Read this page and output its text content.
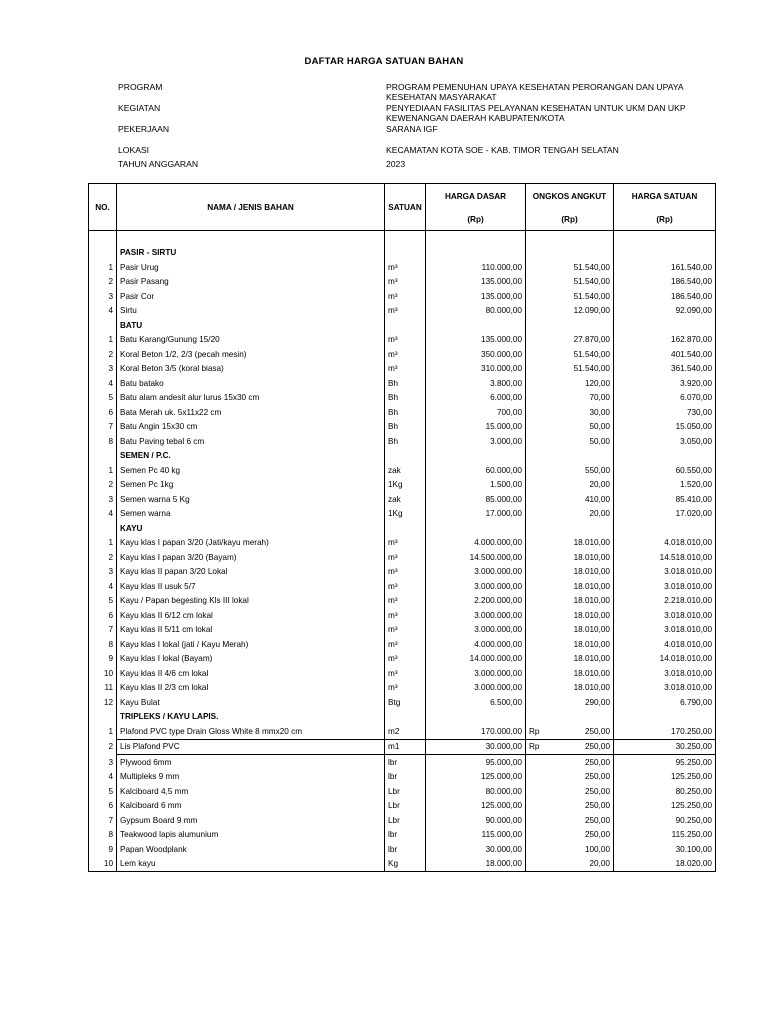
DAFTAR HARGA SATUAN BAHAN
PROGRAM	PROGRAM PEMENUHAN UPAYA KESEHATAN PERORANGAN DAN UPAYA KESEHATAN MASYARAKAT
KEGIATAN	PENYEDIAAN FASILITAS PELAYANAN KESEHATAN UNTUK UKM DAN UKP KEWENANGAN DAERAH KABUPATEN/KOTA
PEKERJAAN	SARANA IGF
LOKASI	KECAMATAN KOTA SOE - KAB. TIMOR TENGAH SELATAN
TAHUN ANGGARAN	2023
NO.	NAMA / JENIS BAHAN	SATUAN	HARGA DASAR	ONGKOS ANGKUT	HARGA SATUAN
			(Rp)	(Rp)	(Rp)

	PASIR - SIRTU				
1	Pasir Urug	m³	110.000,00	51.540,00	161.540,00
2	Pasir Pasang	m³	135.000,00	51.540,00	186.540,00
3	Pasir Cor	m³	135.000,00	51.540,00	186.540,00
4	Sirtu	m³	80.000,00	12.090,00	92.090,00
	BATU				
1	Batu Karang/Gunung 15/20	m³	135.000,00	27.870,00	162.870,00
2	Koral Beton 1/2, 2/3 (pecah mesin)	m³	350.000,00	51.540,00	401.540,00
3	Koral Beton 3/5 (koral biasa)	m³	310.000,00	51.540,00	361.540,00
4	Batu batako	Bh	3.800,00	120,00	3.920,00
5	Batu alam andesit alur lurus 15x30 cm	Bh	6.000,00	70,00	6.070,00
6	Bata Merah uk. 5x11x22 cm	Bh	700,00	30,00	730,00
7	Batu Angin 15x30 cm	Bh	15.000,00	50,00	15.050,00
8	Batu Paving tebal 6 cm	Bh	3.000,00	50,00	3.050,00
	SEMEN / P.C.				
1	Semen Pc 40 kg	zak	60.000,00	550,00	60.550,00
2	Semen Pc 1kg	1Kg	1.500,00	20,00	1.520,00
3	Semen warna 5 Kg	zak	85.000,00	410,00	85.410,00
4	Semen warna	1Kg	17.000,00	20,00	17.020,00
	KAYU				
1	Kayu klas I papan 3/20 (Jati/kayu merah)	m³	4.000.000,00	18.010,00	4.018.010,00
2	Kayu klas I papan 3/20 (Bayam)	m³	14.500.000,00	18.010,00	14.518.010,00
3	Kayu klas II papan 3/20 Lokal	m³	3.000.000,00	18.010,00	3.018.010,00
4	Kayu klas II usuk 5/7	m³	3.000.000,00	18.010,00	3.018.010,00
5	Kayu / Papan begesting Kls III lokal	m³	2.200.000,00	18.010,00	2.218.010,00
6	Kayu klas II 6/12 cm lokal	m³	3.000.000,00	18.010,00	3.018.010,00
7	Kayu klas II 5/11 cm lokal	m³	3.000.000,00	18.010,00	3.018.010,00
8	Kayu klas I lokal (jati / Kayu Merah)	m³	4.000.000,00	18.010,00	4.018.010,00
9	Kayu klas I lokal (Bayam)	m³	14.000.000,00	18.010,00	14.018.010,00
10	Kayu klas II 4/6 cm lokal	m³	3.000.000,00	18.010,00	3.018.010,00
11	Kayu klas II 2/3 cm lokal	m³	3.000.000,00	18.010,00	3.018.010,00
12	Kayu Bulat	Btg	6.500,00	290,00	6.790,00
	TRIPLEKS / KAYU LAPIS.				
1	Plafond PVC type Drain Gloss White 8 mmx20 cm	m2	170.000,00	Rp 250,00	170.250,00
2	Lis Plafond PVC	m1	30.000,00	Rp 250,00	30.250,00
3	Plywood 6mm	lbr	95.000,00	250,00	95.250,00
4	Multipleks 9 mm	lbr	125.000,00	250,00	125.250,00
5	Kalciboard 4,5 mm	Lbr	80.000,00	250,00	80.250,00
6	Kalciboard 6 mm	Lbr	125.000,00	250,00	125.250,00
7	Gypsum Board 9 mm	Lbr	90.000,00	250,00	90.250,00
8	Teakwood lapis alumunium	lbr	115.000,00	250,00	115.250,00
9	Papan Woodplank	lbr	30.000,00	100,00	30.100,00
10	Lem kayu	Kg	18.000,00	20,00	18.020,00
